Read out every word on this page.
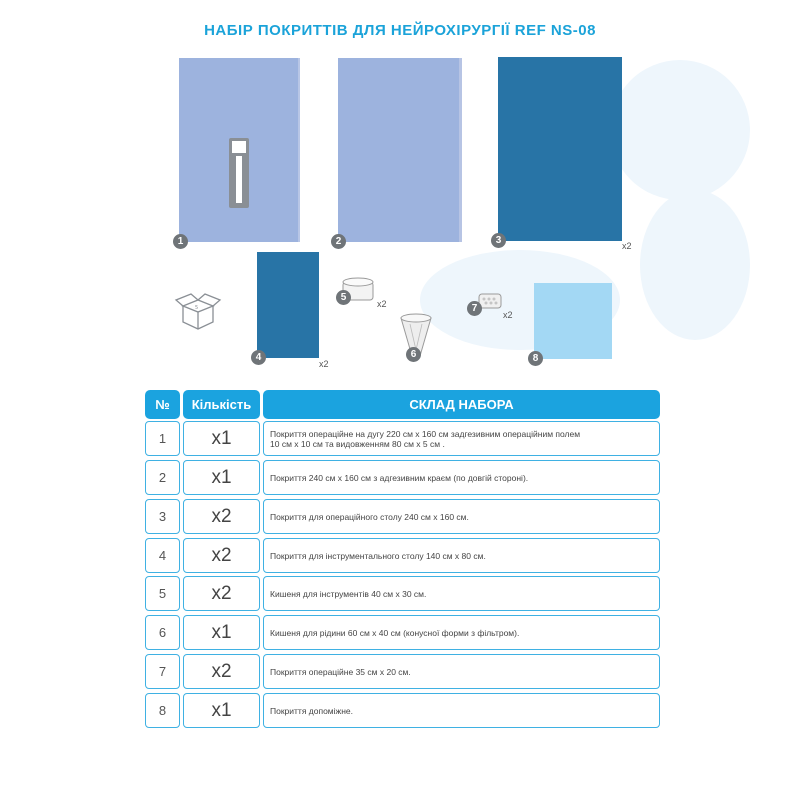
НАБІР ПОКРИТТІВ ДЛЯ НЕЙРОХІРУРГІЇ REF NS-08
1	2	3	x2
5
4
x2
5
x2
6
7
x2
8
№	Кількість	СКЛАД НАБОРА
1	x1	Покриття операційне на дугу 220 см х 160 см задгезивним операційним полем
10 см х 10 см та видовженням 80 см х 5 см .
2	x1	Покриття 240 см х 160 см з адгезивним краєм (по довгій стороні).
3	x2	Покриття для операційного столу 240 см х 160 см.
4	x2	Покриття для інструментального столу 140 см х 80 см.
5	x2	Кишеня для інструментів 40 см х 30 см.
6	x1	Кишеня для рідини 60 см х 40 см (конусної форми з фільтром).
7	x2	Покриття операційне 35 см х 20 см.
8	x1	Покриття допоміжне.
